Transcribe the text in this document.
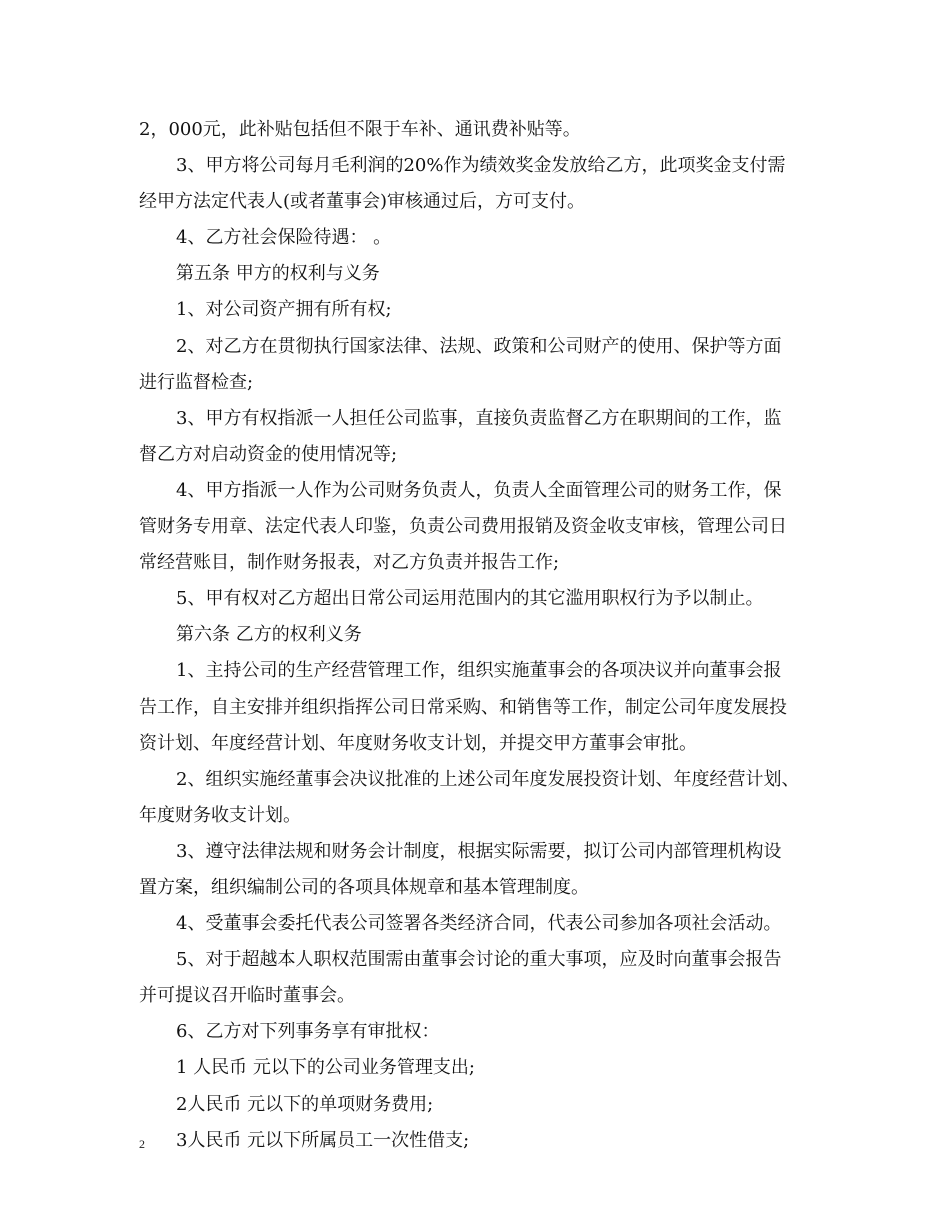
2，000元，此补贴包括但不限于车补、通讯费补贴等。

3、甲方将公司每月毛利润的20%作为绩效奖金发放给乙方，此项奖金支付需

经甲方法定代表人(或者董事会)审核通过后，方可支付。

4、乙方社会保险待遇： 。

第五条 甲方的权利与义务

1、对公司资产拥有所有权;

2、对乙方在贯彻执行国家法律、法规、政策和公司财产的使用、保护等方面

进行监督检查;

3、甲方有权指派一人担任公司监事，直接负责监督乙方在职期间的工作，监

督乙方对启动资金的使用情况等;

4、甲方指派一人作为公司财务负责人，负责人全面管理公司的财务工作，保

管财务专用章、法定代表人印鉴，负责公司费用报销及资金收支审核，管理公司日

常经营账目，制作财务报表，对乙方负责并报告工作;

5、甲有权对乙方超出日常公司运用范围内的其它滥用职权行为予以制止。

第六条 乙方的权利义务

1、主持公司的生产经营管理工作，组织实施董事会的各项决议并向董事会报

告工作，自主安排并组织指挥公司日常采购、和销售等工作，制定公司年度发展投

资计划、年度经营计划、年度财务收支计划，并提交甲方董事会审批。

2、组织实施经董事会决议批准的上述公司年度发展投资计划、年度经营计划、

年度财务收支计划。

3、遵守法律法规和财务会计制度，根据实际需要，拟订公司内部管理机构设

置方案，组织编制公司的各项具体规章和基本管理制度。

4、受董事会委托代表公司签署各类经济合同，代表公司参加各项社会活动。

5、对于超越本人职权范围需由董事会讨论的重大事项，应及时向董事会报告

并可提议召开临时董事会。

6、乙方对下列事务享有审批权：

1 人民币 元以下的公司业务管理支出;

2人民币 元以下的单项财务费用;

3人民币 元以下所属员工一次性借支;

2
